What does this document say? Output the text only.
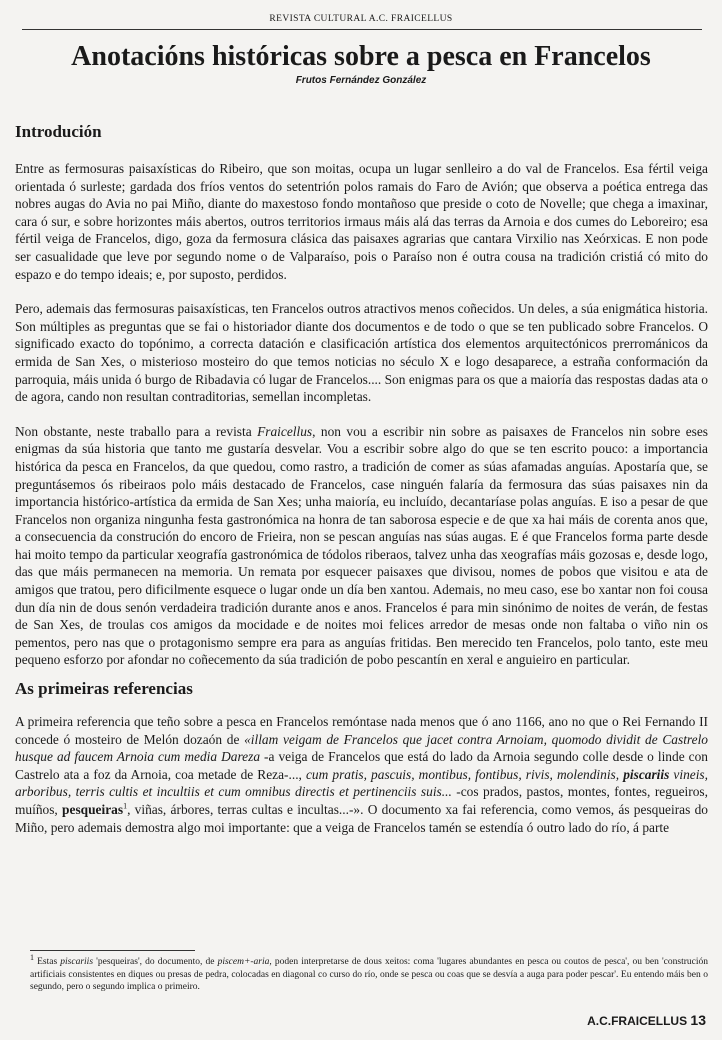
REVISTA CULTURAL A.C. FRAICELLUS
Anotacións históricas sobre a pesca en Francelos
Frutos Fernández González
Introdución

Entre as fermosuras paisaxísticas do Ribeiro, que son moitas, ocupa un lugar senlleiro a do val de Francelos. Esa fértil veiga orientada ó surleste; gardada dos fríos ventos do setentrión polos ramais do Faro de Avión; que observa a poética entrega das nobres augas do Avia no pai Miño, diante do maxestoso fondo montañoso que preside o coto de Novelle; que chega a imaxinar, cara ó sur, e sobre horizontes máis abertos, outros territorios irmaus máis alá das terras da Arnoia e dos cumes do Leboreiro; esa fértil veiga de Francelos, digo, goza da fermosura clásica das paisaxes agrarias que cantara Virxilio nas Xeórxicas. E non pode ser casualidade que leve por segundo nome o de Valparaíso, pois o Paraíso non é outra cousa na tradición cristiá có mito do espazo e do tempo ideais; e, por suposto, perdidos.

Pero, ademais das fermosuras paisaxísticas, ten Francelos outros atractivos menos coñecidos. Un deles, a súa enigmática historia. Son múltiples as preguntas que se fai o historiador diante dos documentos e de todo o que se ten publicado sobre Francelos. O significado exacto do topónimo, a correcta datación e clasificación artística dos elementos arquitectónicos prerrománicos da ermida de San Xes, o misterioso mosteiro do que temos noticias no século X e logo desaparece, a estraña conformación da parroquia, máis unida ó burgo de Ribadavia có lugar de Francelos.... Son enigmas para os que a maioría das respostas dadas ata o de agora, cando non resultan contraditorias, semellan incompletas.

Non obstante, neste traballo para a revista Fraicellus, non vou a escribir nin sobre as paisaxes de Francelos nin sobre eses enigmas da súa historia que tanto me gustaría desvelar. Vou a escribir sobre algo do que se ten escrito pouco: a importancia histórica da pesca en Francelos, da que quedou, como rastro, a tradición de comer as súas afamadas anguías. Apostaría que, se preguntásemos ós ribeiraos polo máis destacado de Francelos, case ninguén falaría da fermosura das súas paisaxes nin da importancia histórico-artística da ermida de San Xes; unha maioría, eu incluído, decantaríase polas anguías. E iso a pesar de que Francelos non organiza ningunha festa gastronómica na honra de tan saborosa especie e de que xa hai máis de corenta anos que, a consecuencia da construción do encoro de Frieira, non se pescan anguías nas súas augas. E é que Francelos forma parte desde hai moito tempo da particular xeografía gastronómica de tódolos riberaos, talvez unha das xeografías máis gozosas e, desde logo, das que máis permanecen na memoria. Un remata por esquecer paisaxes que divisou, nomes de pobos que visitou e ata de amigos que tratou, pero dificilmente esquece o lugar onde un día ben xantou. Ademais, no meu caso, ese bo xantar non foi cousa dun día nin de dous senón verdadeira tradición durante anos e anos. Francelos é para min sinónimo de noites de verán, de festas de San Xes, de troulas cos amigos da mocidade e de noites moi felices arredor de mesas onde non faltaba o viño nin os pementos, pero nas que o protagonismo sempre era para as anguías fritidas. Ben merecido ten Francelos, polo tanto, este meu pequeno esforzo por afondar no coñecemento da súa tradición de pobo pescantín en xeral e anguieiro en particular.

As primeiras referencias

A primeira referencia que teño sobre a pesca en Francelos remóntase nada menos que ó ano 1166, ano no que o Rei Fernando II concede ó mosteiro de Melón dozaón de «illam veigam de Francelos que jacet contra Arnoiam, quomodo dividit de Castrelo husque ad faucem Arnoia cum media Dareza -a veiga de Francelos que está do lado da Arnoia segundo colle desde o linde con Castrelo ata a foz da Arnoia, coa metade de Reza-..., cum pratis, pascuis, montibus, fontibus, rivis, molendinis, piscariis vineis, arboribus, terris cultis et incultiis et cum omnibus directis et pertinenciis suis... -cos prados, pastos, montes, fontes, regueiros, muíños, pesqueiras$^1$, viñas, árbores, terras cultas e incultas...-». O documento xa fai referencia, como vemos, ás pesqueiras do Miño, pero ademais demostra algo moi importante: que a veiga de Francelos tamén se estendía ó outro lado do río, á parte

$^1$ Estas piscariis 'pesqueiras', do documento, de piscem+-aria, poden interpretarse de dous xeitos: coma 'lugares abundantes en pesca ou coutos de pesca', ou ben 'construción artificiais consistentes en diques ou presas de pedra, colocadas en diagonal co curso do río, onde se pesca ou coas que se desvía a auga para poder pescar'. Eu entendo máis ben o segundo, pero o segundo implica o primeiro.
A.C.FRAICELLUS 13
